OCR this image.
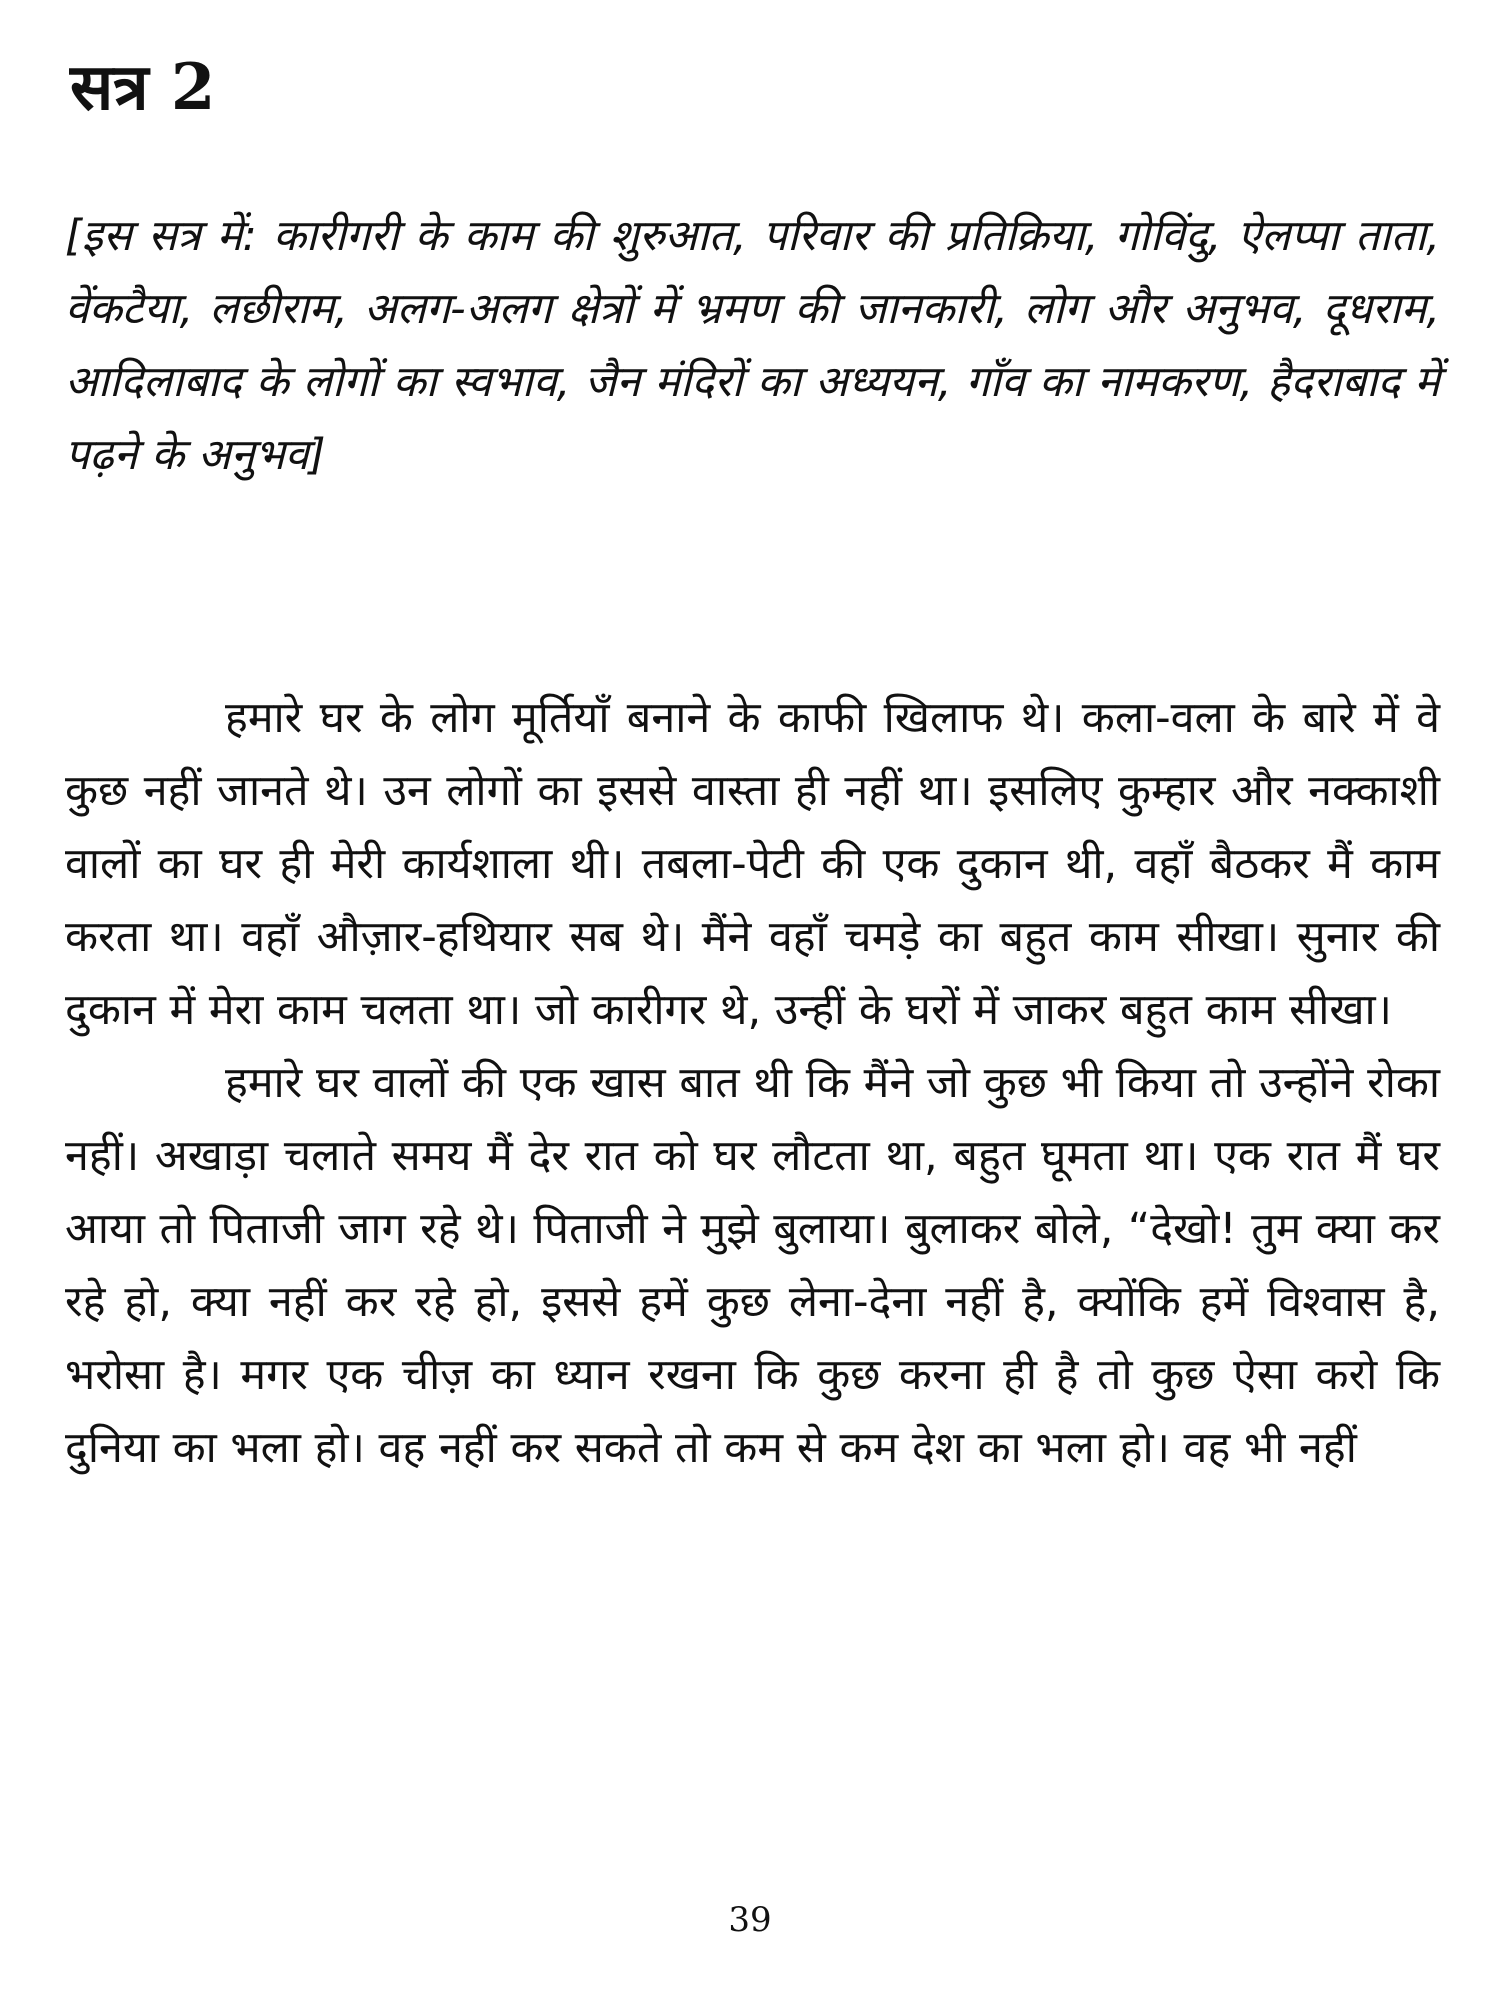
सत्र 2

[इस सत्र में: कारीगरी के काम की शुरुआत, परिवार की प्रतिक्रिया, गोविंदु, ऐलप्पा ताता, वेंकटैया, लछीराम, अलग-अलग क्षेत्रों में भ्रमण की जानकारी, लोग और अनुभव, दूधराम, आदिलाबाद के लोगों का स्वभाव, जैन मंदिरों का अध्ययन, गाँव का नामकरण, हैदराबाद में पढ़ने के अनुभव]

हमारे घर के लोग मूर्तियाँ बनाने के काफी खिलाफ थे। कला-वला के बारे में वे कुछ नहीं जानते थे। उन लोगों का इससे वास्ता ही नहीं था। इसलिए कुम्हार और नक्काशी वालों का घर ही मेरी कार्यशाला थी। तबला-पेटी की एक दुकान थी, वहाँ बैठकर मैं काम करता था। वहाँ औज़ार-हथियार सब थे। मैंने वहाँ चमड़े का बहुत काम सीखा। सुनार की दुकान में मेरा काम चलता था। जो कारीगर थे, उन्हीं के घरों में जाकर बहुत काम सीखा।

हमारे घर वालों की एक खास बात थी कि मैंने जो कुछ भी किया तो उन्होंने रोका नहीं। अखाड़ा चलाते समय मैं देर रात को घर लौटता था, बहुत घूमता था। एक रात मैं घर आया तो पिताजी जाग रहे थे। पिताजी ने मुझे बुलाया। बुलाकर बोले, “देखो! तुम क्या कर रहे हो, क्या नहीं कर रहे हो, इससे हमें कुछ लेना-देना नहीं है, क्योंकि हमें विश्वास है, भरोसा है। मगर एक चीज़ का ध्यान रखना कि कुछ करना ही है तो कुछ ऐसा करो कि दुनिया का भला हो। वह नहीं कर सकते तो कम से कम देश का भला हो। वह भी नहीं

39
